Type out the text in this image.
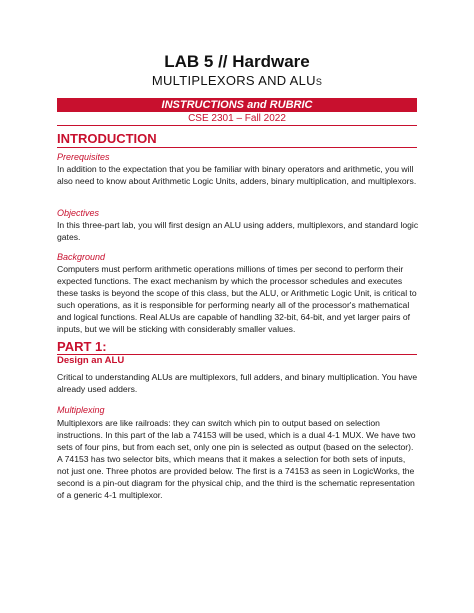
LAB 5 // Hardware
MULTIPLEXORS AND ALUs
INSTRUCTIONS and RUBRIC
CSE 2301 – Fall 2022
INTRODUCTION
Prerequisites
In addition to the expectation that you be familiar with binary operators and arithmetic, you will also need to know about Arithmetic Logic Units, adders, binary multiplication, and multiplexors.
Objectives
In this three-part lab, you will first design an ALU using adders, multiplexors, and standard logic gates.
Background
Computers must perform arithmetic operations millions of times per second to perform their expected functions. The exact mechanism by which the processor schedules and executes these tasks is beyond the scope of this class, but the ALU, or Arithmetic Logic Unit, is critical to such operations, as it is responsible for performing nearly all of the processor's mathematical and logical functions. Real ALUs are capable of handling 32-bit, 64-bit, and yet larger pairs of inputs, but we will be sticking with considerably smaller values.
PART 1:
Design an ALU
Critical to understanding ALUs are multiplexors, full adders, and binary multiplication. You have already used adders.
Multiplexing
Multiplexors are like railroads: they can switch which pin to output based on selection instructions. In this part of the lab a 74153 will be used, which is a dual 4-1 MUX. We have two sets of four pins, but from each set, only one pin is selected as output (based on the selector). A 74153 has two selector bits, which means that it makes a selection for both sets of inputs, not just one. Three photos are provided below. The first is a 74153 as seen in LogicWorks, the second is a pin-out diagram for the physical chip, and the third is the schematic representation of a generic 4-1 multiplexor.
